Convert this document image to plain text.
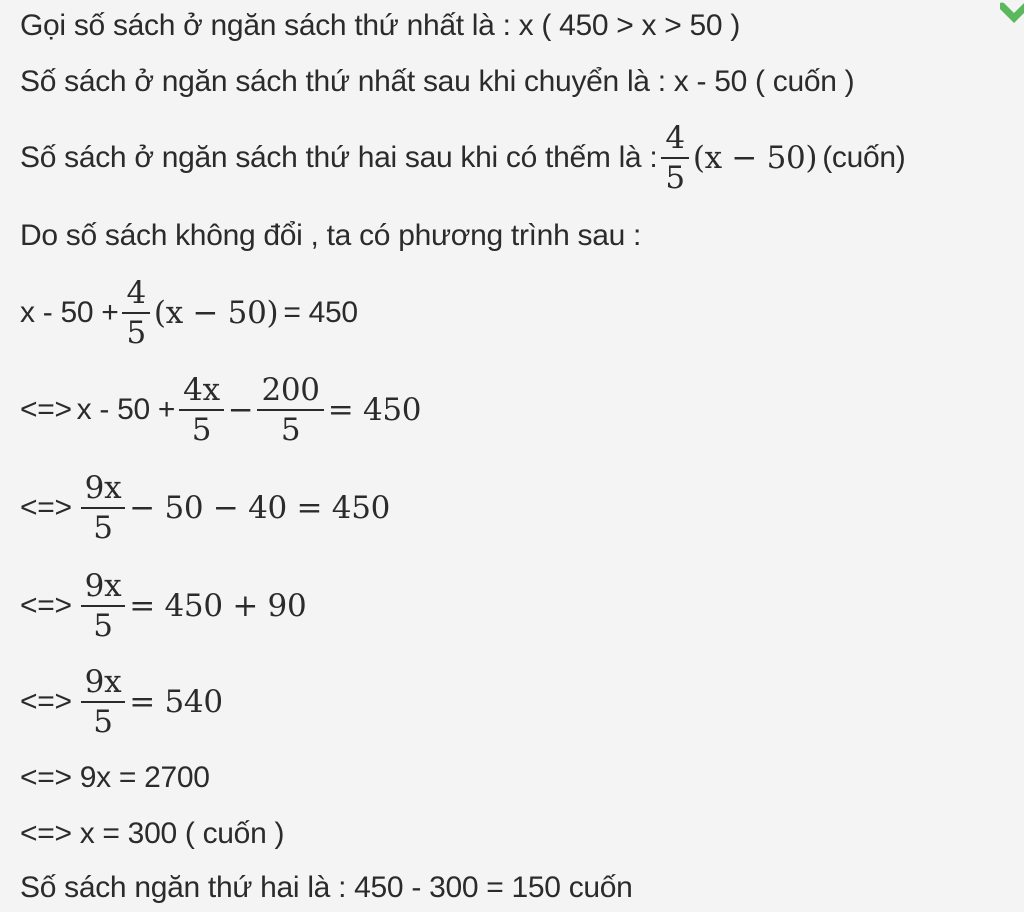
Gọi số sách ở ngăn sách thứ nhất là : x ( 450 > x > 50 )
Số sách ở ngăn sách thứ nhất sau khi chuyển là : x - 50 ( cuốn )
Số sách ở ngăn sách thứ hai sau khi có thếm là : $\frac{4}{5} (x - 50)$ (cuốn)
Do số sách không đổi , ta có phương trình sau :
$x - 50 + \frac{4}{5} (x - 50) = 450$
<=> $x - 50 + \frac{4x}{5} - \frac{200}{5} = 450$
<=> $\frac{9x}{5} - 50 - 40 = 450$
<=> $\frac{9x}{5} = 450 + 90$
<=> $\frac{9x}{5} = 540$
<=> 9x = 2700
<=> x = 300 ( cuốn )
Số sách ngăn thứ hai là : 450 - 300 = 150 cuốn
